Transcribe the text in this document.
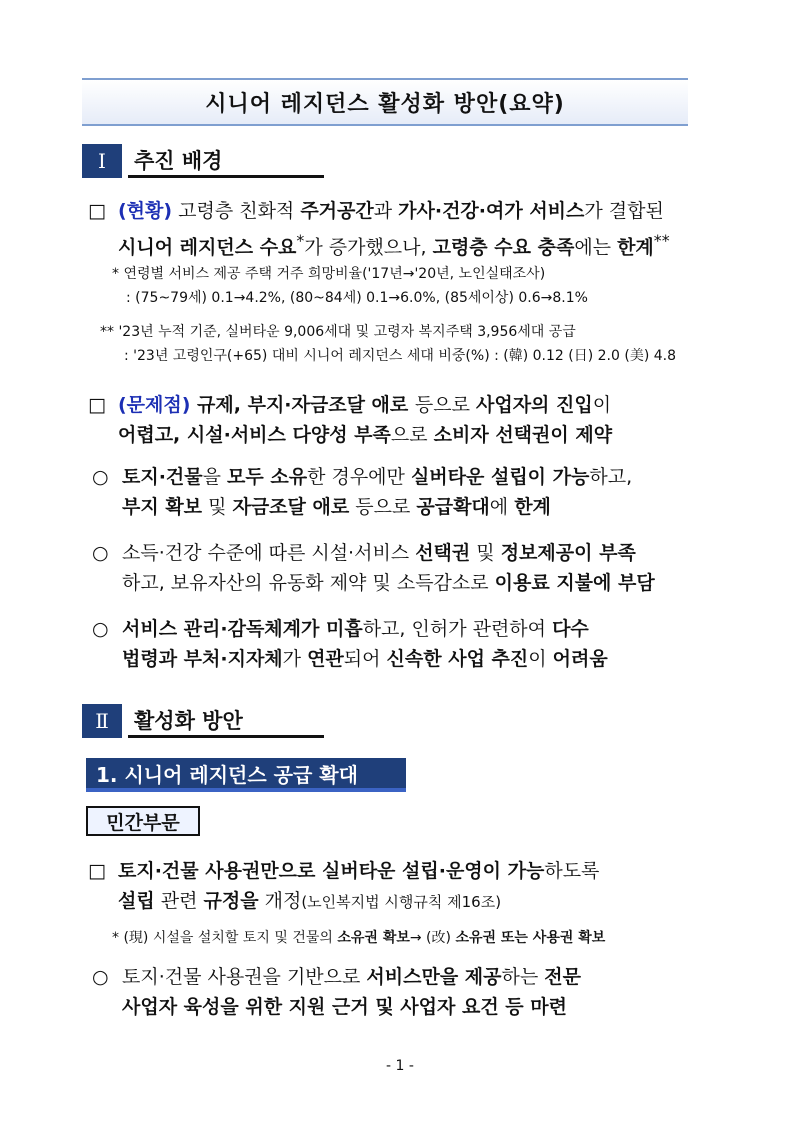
시니어 레지던스 활성화 방안(요약)
Ⅰ	추진 배경
□ (현황) 고령층 친화적 주거공간과 가사·건강·여가 서비스가 결합된
시니어 레지던스 수요*가 증가했으나, 고령층 수요 충족에는 한계**
* 연령별 서비스 제공 주택 거주 희망비율('17년→'20년, 노인실태조사)
: (75~79세) 0.1→4.2%, (80~84세) 0.1→6.0%, (85세이상) 0.6→8.1%
** '23년 누적 기준, 실버타운 9,006세대 및 고령자 복지주택 3,956세대 공급
: '23년 고령인구(+65) 대비 시니어 레지던스 세대 비중(%) : (韓) 0.12 (日) 2.0 (美) 4.8
□ (문제점) 규제, 부지·자금조달 애로 등으로 사업자의 진입이
어렵고, 시설·서비스 다양성 부족으로 소비자 선택권이 제약
○ 토지·건물을 모두 소유한 경우에만 실버타운 설립이 가능하고,
부지 확보 및 자금조달 애로 등으로 공급확대에 한계
○ 소득·건강 수준에 따른 시설·서비스 선택권 및 정보제공이 부족
하고, 보유자산의 유동화 제약 및 소득감소로 이용료 지불에 부담
○ 서비스 관리·감독체계가 미흡하고, 인허가 관련하여 다수
법령과 부처·지자체가 연관되어 신속한 사업 추진이 어려움
Ⅱ	활성화 방안
1. 시니어 레지던스 공급 확대
민간부문
□ 토지·건물 사용권만으로 실버타운 설립·운영이 가능하도록
설립 관련 규정을 개정(노인복지법 시행규칙 제16조)
* (現) 시설을 설치할 토지 및 건물의 소유권 확보→ (改) 소유권 또는 사용권 확보
○ 토지·건물 사용권을 기반으로 서비스만을 제공하는 전문
사업자 육성을 위한 지원 근거 및 사업자 요건 등 마련
- 1 -
